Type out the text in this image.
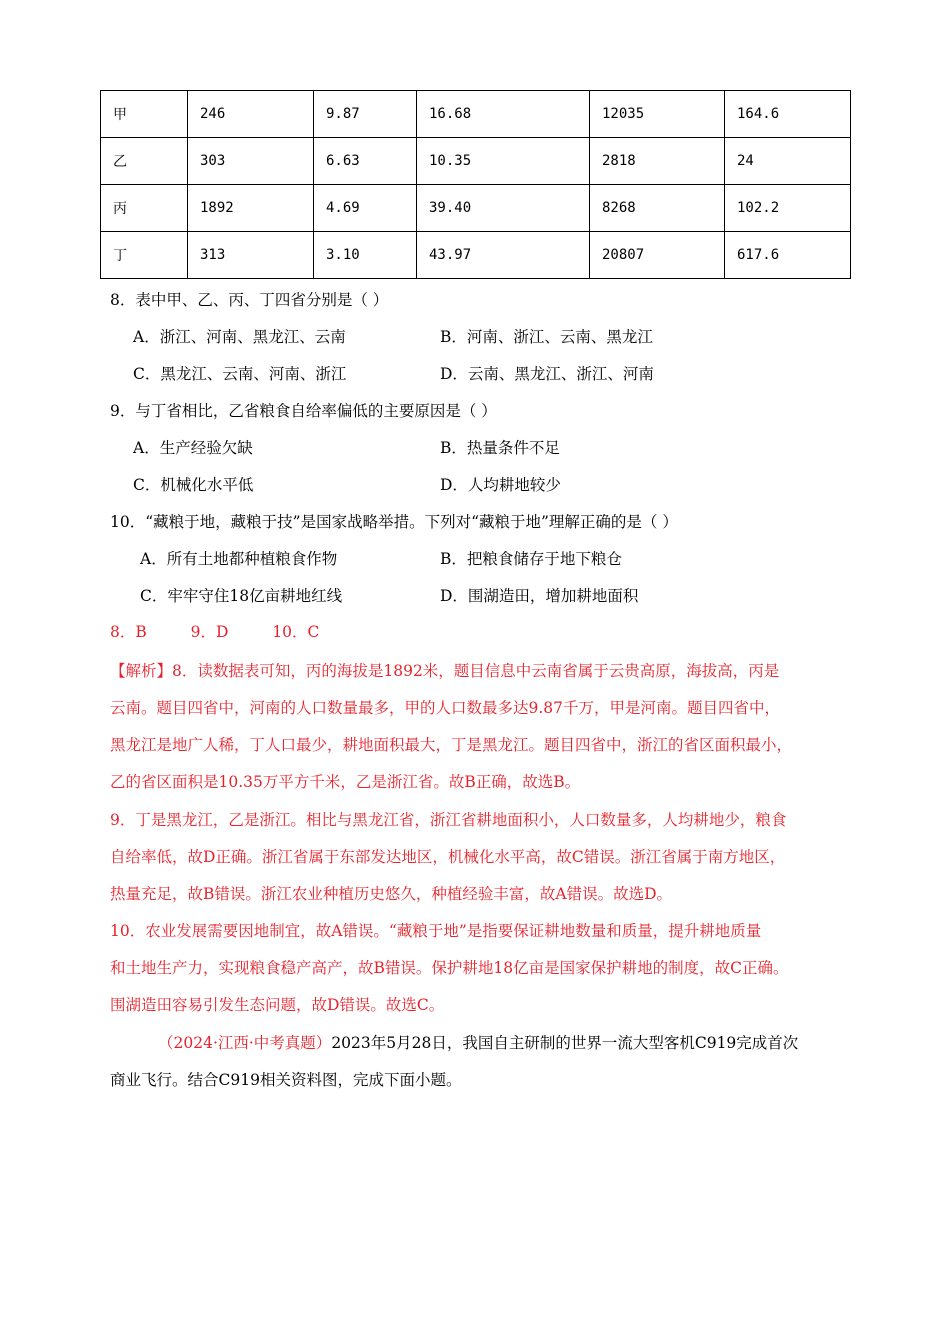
甲	246	9.87	16.68	12035	164.6
乙	303	6.63	10.35	2818	24
丙	1892	4.69	39.40	8268	102.2
丁	313	3.10	43.97	20807	617.6
8．表中甲、乙、丙、丁四省分别是（ ）
A．浙江、河南、黑龙江、云南	B．河南、浙江、云南、黑龙江
C．黑龙江、云南、河南、浙江	D．云南、黑龙江、浙江、河南
9．与丁省相比，乙省粮食自给率偏低的主要原因是（ ）
A．生产经验欠缺	B．热量条件不足
C．机械化水平低	D．人均耕地较少
10．“藏粮于地，藏粮于技”是国家战略举措。下列对“藏粮于地”理解正确的是（ ）
A．所有土地都种植粮食作物	B．把粮食储存于地下粮仓
C．牢牢守住18亿亩耕地红线	D．围湖造田，增加耕地面积
8．B	9．D	10．C
【解析】8．读数据表可知，丙的海拔是1892米，题目信息中云南省属于云贵高原，海拔高，丙是
云南。题目四省中，河南的人口数量最多，甲的人口数最多达9.87千万，甲是河南。题目四省中，
黑龙江是地广人稀，丁人口最少，耕地面积最大，丁是黑龙江。题目四省中，浙江的省区面积最小，
乙的省区面积是10.35万平方千米，乙是浙江省。故B正确，故选B。
9．丁是黑龙江，乙是浙江。相比与黑龙江省，浙江省耕地面积小，人口数量多，人均耕地少，粮食
自给率低，故D正确。浙江省属于东部发达地区，机械化水平高，故C错误。浙江省属于南方地区，
热量充足，故B错误。浙江农业种植历史悠久，种植经验丰富，故A错误。故选D。
10．农业发展需要因地制宜，故A错误。“藏粮于地”是指要保证耕地数量和质量，提升耕地质量
和土地生产力，实现粮食稳产高产，故B错误。保护耕地18亿亩是国家保护耕地的制度，故C正确。
围湖造田容易引发生态问题，故D错误。故选C。
（2024·江西·中考真题）2023年5月28日，我国自主研制的世界一流大型客机C919完成首次
商业飞行。结合C919相关资料图，完成下面小题。
